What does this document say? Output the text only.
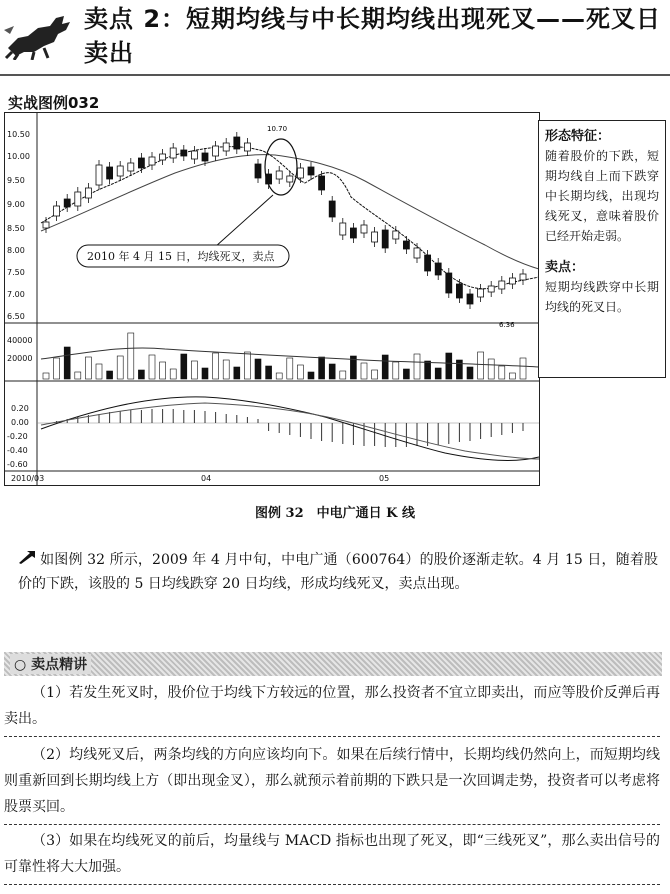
卖点 2：短期均线与中长期均线出现死叉——死叉日卖出
实战图例032
10.50
10.00
9.50
9.00
8.50
8.00
7.50
7.00
6.50
40000
20000
0.20
0.00
-0.20
-0.40
-0.60
2010/03	04	05
10.70
6.36
2010 年 4 月 15 日，均线死叉，卖点
形态特征：
随着股价的下跌，短期均线自上而下跌穿中长期均线，出现均线死叉，意味着股价已经开始走弱。
卖点：
短期均线跌穿中长期均线的死叉日。
图例 32　中电广通日 K 线
如图例 32 所示，2009 年 4 月中旬，中电广通（600764）的股价逐渐走软。4 月 15 日，随着股价的下跌，该股的 5 日均线跌穿 20 日均线，形成均线死叉，卖点出现。
○ 卖点精讲
（1）若发生死叉时，股价位于均线下方较远的位置，那么投资者不宜立即卖出，而应等股价反弹后再卖出。
（2）均线死叉后，两条均线的方向应该均向下。如果在后续行情中，长期均线仍然向上，而短期均线则重新回到长期均线上方（即出现金叉），那么就预示着前期的下跌只是一次回调走势，投资者可以考虑将股票买回。
（3）如果在均线死叉的前后，均量线与 MACD 指标也出现了死叉，即“三线死叉”，那么卖出信号的可靠性将大大加强。
